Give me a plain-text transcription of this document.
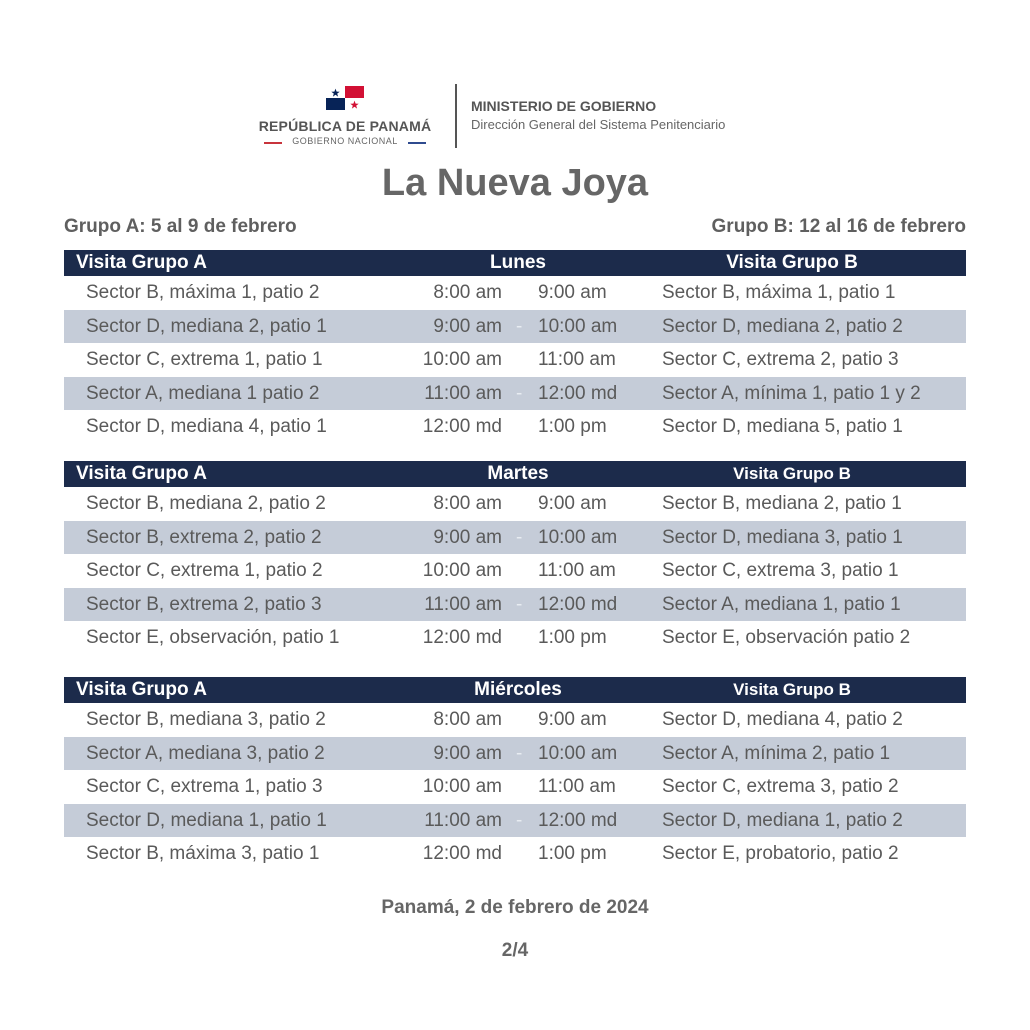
REPÚBLICA DE PANAMÁ
GOBIERNO NACIONAL
MINISTERIO DE GOBIERNO
Dirección General del Sistema Penitenciario
La Nueva Joya
Grupo A: 5 al 9 de febrero	Grupo B: 12 al 16 de febrero
Visita Grupo A	Lunes	Visita Grupo B
Sector B, máxima 1, patio 2	8:00 am 9:00 am	Sector B, máxima 1, patio 1
Sector D, mediana 2, patio 1	9:00 am - 10:00 am Sector D, mediana 2, patio 2
Sector C, extrema 1, patio 1	10:00 am 11:00 am Sector C, extrema 2, patio 3
Sector A, mediana 1 patio 2	11:00 am - 12:00 md Sector A, mínima 1, patio 1 y 2
Sector D, mediana 4, patio 1	12:00 md 1:00 pm	Sector D, mediana 5, patio 1
Visita Grupo A	Martes	Visita Grupo B
Sector B, mediana 2, patio 2	8:00 am 9:00 am	Sector B, mediana 2, patio 1
Sector B, extrema 2, patio 2	9:00 am - 10:00 am Sector D, mediana 3, patio 1
Sector C, extrema 1, patio 2	10:00 am 11:00 am Sector C, extrema 3, patio 1
Sector B, extrema 2, patio 3	11:00 am - 12:00 md Sector A, mediana 1, patio 1
Sector E, observación, patio 1	12:00 md 1:00 pm	Sector E, observación patio 2
Visita Grupo A	Miércoles	Visita Grupo B
Sector B, mediana 3, patio 2	8:00 am 9:00 am	Sector D, mediana 4, patio 2
Sector A, mediana 3, patio 2	9:00 am - 10:00 am Sector A, mínima 2, patio 1
Sector C, extrema 1, patio 3	10:00 am 11:00 am Sector C, extrema 3, patio 2
Sector D, mediana 1, patio 1	11:00 am - 12:00 md Sector D, mediana 1, patio 2
Sector B, máxima 3, patio 1	12:00 md 1:00 pm	Sector E, probatorio, patio 2
Panamá, 2 de febrero de 2024
2/4
